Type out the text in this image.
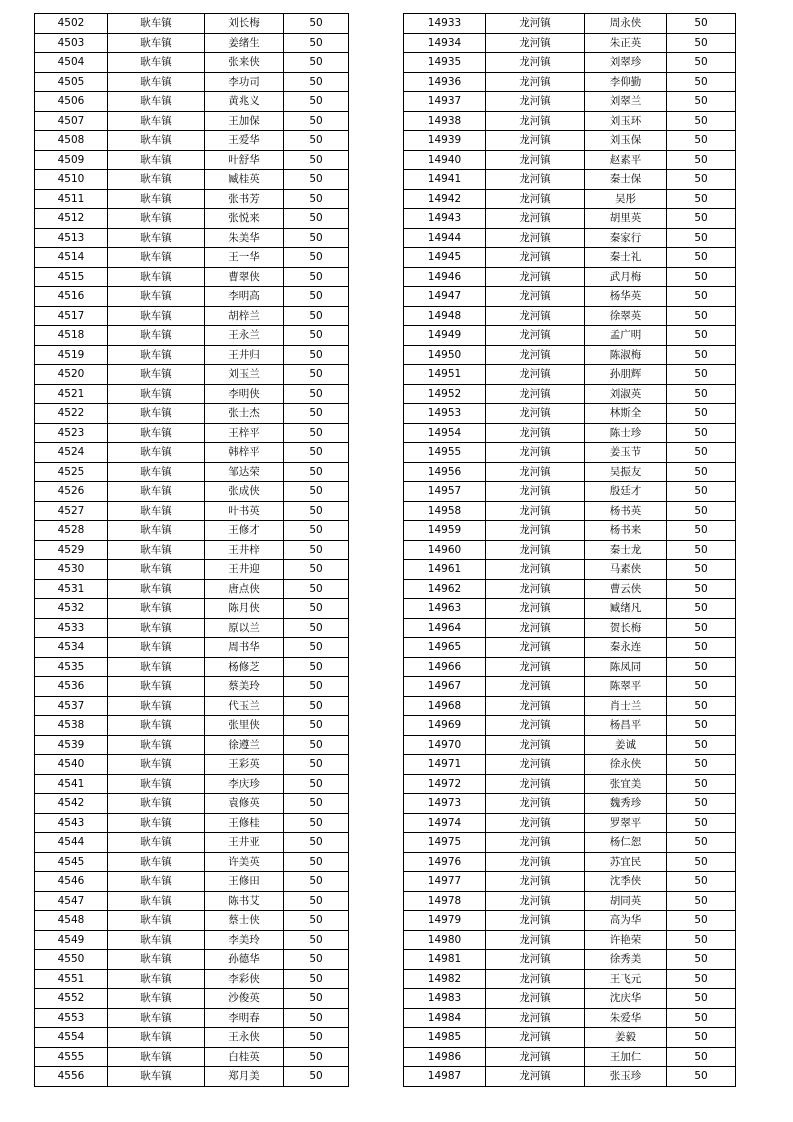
4502	耿车镇	刘长梅	50
4503	耿车镇	姜绪生	50
4504	耿车镇	张来侠	50
4505	耿车镇	李功司	50
4506	耿车镇	黄兆义	50
4507	耿车镇	王加保	50
4508	耿车镇	王爱华	50
4509	耿车镇	叶舒华	50
4510	耿车镇	臧桂英	50
4511	耿车镇	张书芳	50
4512	耿车镇	张悦来	50
4513	耿车镇	朱美华	50
4514	耿车镇	王一华	50
4515	耿车镇	曹翠侠	50
4516	耿车镇	李明高	50
4517	耿车镇	胡梓兰	50
4518	耿车镇	王永兰	50
4519	耿车镇	王井归	50
4520	耿车镇	刘玉兰	50
4521	耿车镇	李明侠	50
4522	耿车镇	张士杰	50
4523	耿车镇	王梓平	50
4524	耿车镇	韩梓平	50
4525	耿车镇	邹达荣	50
4526	耿车镇	张成侠	50
4527	耿车镇	叶书英	50
4528	耿车镇	王修才	50
4529	耿车镇	王井梓	50
4530	耿车镇	王井迎	50
4531	耿车镇	唐点侠	50
4532	耿车镇	陈月侠	50
4533	耿车镇	原以兰	50
4534	耿车镇	周书华	50
4535	耿车镇	杨修芝	50
4536	耿车镇	蔡美玲	50
4537	耿车镇	代玉兰	50
4538	耿车镇	张里侠	50
4539	耿车镇	徐遵兰	50
4540	耿车镇	王彩英	50
4541	耿车镇	李庆珍	50
4542	耿车镇	袁修英	50
4543	耿车镇	王修桂	50
4544	耿车镇	王井亚	50
4545	耿车镇	许美英	50
4546	耿车镇	王修田	50
4547	耿车镇	陈书艾	50
4548	耿车镇	蔡士侠	50
4549	耿车镇	李美玲	50
4550	耿车镇	孙德华	50
4551	耿车镇	李彩侠	50
4552	耿车镇	沙俊英	50
4553	耿车镇	李明春	50
4554	耿车镇	王永侠	50
4555	耿车镇	白桂英	50
4556	耿车镇	郑月美	50
14933	龙河镇	周永侠	50
14934	龙河镇	朱正英	50
14935	龙河镇	刘翠珍	50
14936	龙河镇	李仰勤	50
14937	龙河镇	刘翠兰	50
14938	龙河镇	刘玉环	50
14939	龙河镇	刘玉保	50
14940	龙河镇	赵素平	50
14941	龙河镇	秦士保	50
14942	龙河镇	吴彤	50
14943	龙河镇	胡里英	50
14944	龙河镇	秦家行	50
14945	龙河镇	秦士礼	50
14946	龙河镇	武月梅	50
14947	龙河镇	杨华英	50
14948	龙河镇	徐翠英	50
14949	龙河镇	孟广明	50
14950	龙河镇	陈淑梅	50
14951	龙河镇	孙朋辉	50
14952	龙河镇	刘淑英	50
14953	龙河镇	林斯全	50
14954	龙河镇	陈士珍	50
14955	龙河镇	姜玉节	50
14956	龙河镇	吴振友	50
14957	龙河镇	殷廷才	50
14958	龙河镇	杨书英	50
14959	龙河镇	杨书来	50
14960	龙河镇	秦士龙	50
14961	龙河镇	马素侠	50
14962	龙河镇	曹云侠	50
14963	龙河镇	臧绪凡	50
14964	龙河镇	贺长梅	50
14965	龙河镇	秦永连	50
14966	龙河镇	陈凤同	50
14967	龙河镇	陈翠平	50
14968	龙河镇	肖士兰	50
14969	龙河镇	杨昌平	50
14970	龙河镇	姜诚	50
14971	龙河镇	徐永侠	50
14972	龙河镇	张宜美	50
14973	龙河镇	魏秀珍	50
14974	龙河镇	罗翠平	50
14975	龙河镇	杨仁恕	50
14976	龙河镇	苏宜民	50
14977	龙河镇	沈季侠	50
14978	龙河镇	胡同英	50
14979	龙河镇	高为华	50
14980	龙河镇	许艳荣	50
14981	龙河镇	徐秀美	50
14982	龙河镇	王飞元	50
14983	龙河镇	沈庆华	50
14984	龙河镇	朱爱华	50
14985	龙河镇	姜毅	50
14986	龙河镇	王加仁	50
14987	龙河镇	张玉珍	50
